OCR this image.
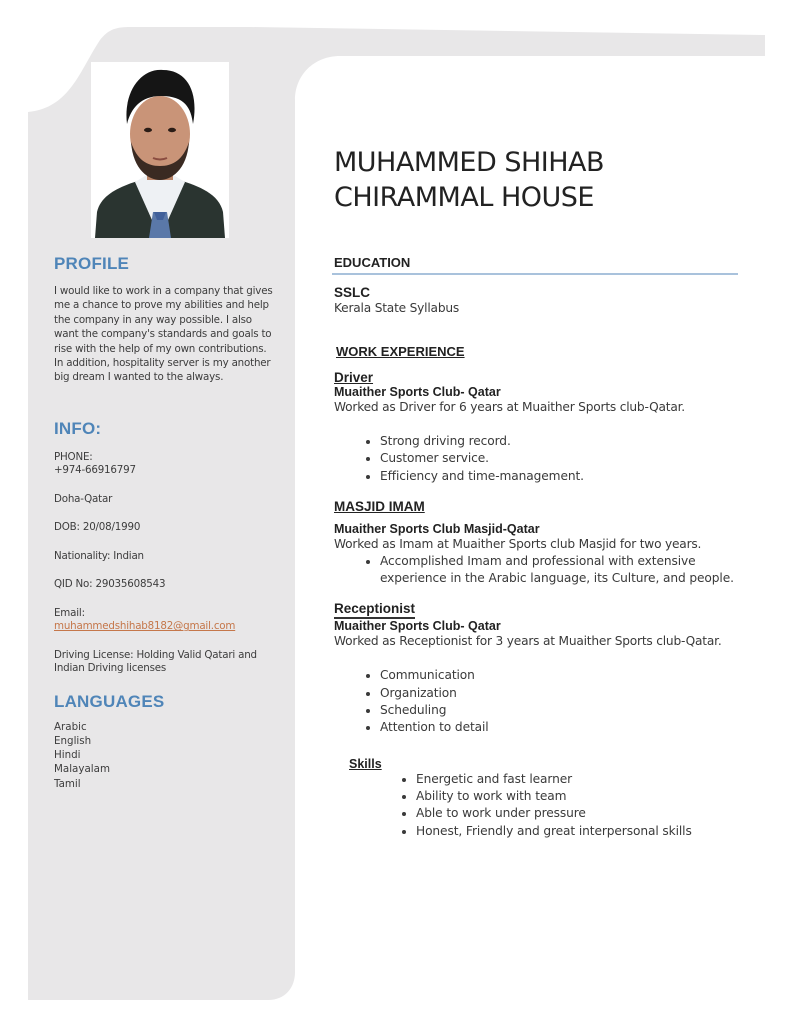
PROFILE

I would like to work in a company that gives me a chance to prove my abilities and help the company in any way possible. I also want the company's standards and goals to rise with the help of my own contributions. In addition, hospitality server is my another big dream I wanted to the always.

INFO:
PHONE:
+974-66916797
Doha-Qatar
DOB: 20/08/1990
Nationality: Indian
QID No: 29035608543
Email:
muhammedshihab8182@gmail.com
Driving License: Holding Valid Qatari and Indian Driving licenses
LANGUAGES
Arabic
English
Hindi
Malayalam
Tamil
MUHAMMED SHIHAB
CHIRAMMAL HOUSE
EDUCATION

SSLC

Kerala State Syllabus

WORK EXPERIENCE

Driver

Muaither Sports Club- Qatar

Worked as Driver for 6 years at Muaither Sports club-Qatar.

• Strong driving record.
• Customer service.
• Efficiency and time-management.

MASJID IMAM

Muaither Sports Club Masjid-Qatar

Worked as Imam at Muaither Sports club Masjid for two years.

• Accomplished Imam and professional with extensive experience in the Arabic language, its Culture, and people.

Receptionist

Muaither Sports Club- Qatar

Worked as Receptionist for 3 years at Muaither Sports club-Qatar.

• Communication
• Organization
• Scheduling
• Attention to detail
Skills
• Energetic and fast learner
• Ability to work with team
• Able to work under pressure
• Honest, Friendly and great interpersonal skills
